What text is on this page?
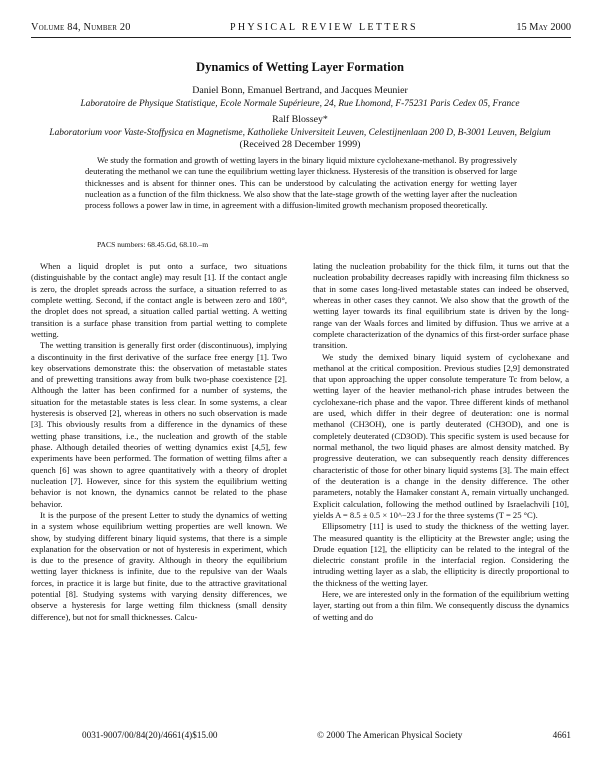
Volume 84, Number 20	PHYSICAL REVIEW LETTERS	15 May 2000
Dynamics of Wetting Layer Formation
Daniel Bonn, Emanuel Bertrand, and Jacques Meunier
Laboratoire de Physique Statistique, Ecole Normale Supérieure, 24, Rue Lhomond, F-75231 Paris Cedex 05, France
Ralf Blossey*
Laboratorium voor Vaste-Stoffysica en Magnetisme, Katholieke Universiteit Leuven, Celestijnenlaan 200 D, B-3001 Leuven, Belgium
(Received 28 December 1999)

We study the formation and growth of wetting layers in the binary liquid mixture cyclohexane-methanol. By progressively deuterating the methanol we can tune the equilibrium wetting layer thickness. Hysteresis of the transition is observed for large thicknesses and is absent for thinner ones. This can be understood by calculating the activation energy for wetting layer nucleation as a function of the film thickness. We also show that the late-stage growth of the wetting layer after the nucleation process follows a power law in time, in agreement with a diffusion-limited growth mechanism proposed theoretically.

PACS numbers: 68.45.Gd, 68.10.–m

When a liquid droplet is put onto a surface, two situations (distinguishable by the contact angle) may result [1]. If the contact angle is zero, the droplet spreads across the surface, a situation referred to as complete wetting. Second, if the contact angle is between zero and 180°, the droplet does not spread, a situation called partial wetting. A wetting transition is a surface phase transition from partial wetting to complete wetting.

The wetting transition is generally first order (discontinuous), implying a discontinuity in the first derivative of the surface free energy [1]. Two key observations demonstrate this: the observation of metastable states and of prewetting transitions away from bulk two-phase coexistence [2]. Although the latter has been confirmed for a number of systems, the situation for the metastable states is less clear. In some systems, a clear hysteresis is observed [2], whereas in others no such observation is made [3]. This obviously results from a difference in the dynamics of these wetting phase transitions, i.e., the nucleation and growth of the stable phase. Although detailed theories of wetting dynamics exist [4,5], few experiments have been performed. The formation of wetting films after a quench [6] was shown to agree quantitatively with a theory of droplet nucleation [7]. However, since for this system the equilibrium wetting behavior is not known, the dynamics cannot be related to the phase behavior.

It is the purpose of the present Letter to study the dynamics of wetting in a system whose equilibrium wetting properties are well known. We show, by studying different binary liquid systems, that there is a simple explanation for the observation or not of hysteresis in experiment, which is due to the presence of gravity. Although in theory the equilibrium wetting layer thickness is infinite, due to the repulsive van der Waals forces, in practice it is large but finite, due to the attractive gravitational potential [8]. Studying systems with varying density differences, we observe a hysteresis for large wetting film thickness (small density difference), but not for small thicknesses. Calcu-

lating the nucleation probability for the thick film, it turns out that the nucleation probability decreases rapidly with increasing film thickness so that in some cases long-lived metastable states can indeed be observed, whereas in other cases they cannot. We also show that the growth of the wetting layer towards its final equilibrium state is driven by the long-range van der Waals forces and limited by diffusion. Thus we arrive at a complete characterization of the dynamics of this first-order surface phase transition.

We study the demixed binary liquid system of cyclohexane and methanol at the critical composition. Previous studies [2,9] demonstrated that upon approaching the upper consolute temperature Tc from below, a wetting layer of the heavier methanol-rich phase intrudes between the cyclohexane-rich phase and the vapor. Three different kinds of methanol are used, which differ in their degree of deuteration: one is normal methanol (CH3OH), one is partly deuterated (CH3OD), and one is completely deuterated (CD3OD). This specific system is used because for normal methanol, the two liquid phases are almost density matched. By progressive deuteration, we can subsequently reach density differences characteristic of those for other binary liquid systems [3]. The main effect of the deuteration is a change in the density difference. The other parameters, notably the Hamaker constant A, remain virtually unchanged. Explicit calculation, following the method outlined by Israelachvili [10], yields A = 8.5 ± 0.5 × 10^−23 J for the three systems (T = 25 °C).

Ellipsometry [11] is used to study the thickness of the wetting layer. The measured quantity is the ellipticity at the Brewster angle; using the Drude equation [12], the ellipticity can be related to the integral of the dielectric constant profile in the interfacial region. Considering the intruding wetting layer as a slab, the ellipticity is directly proportional to the thickness of the wetting layer.

Here, we are interested only in the formation of the equilibrium wetting layer, starting out from a thin film. We consequently discuss the dynamics of wetting and do

0031-9007/00/84(20)/4661(4)$15.00	© 2000 The American Physical Society	4661
